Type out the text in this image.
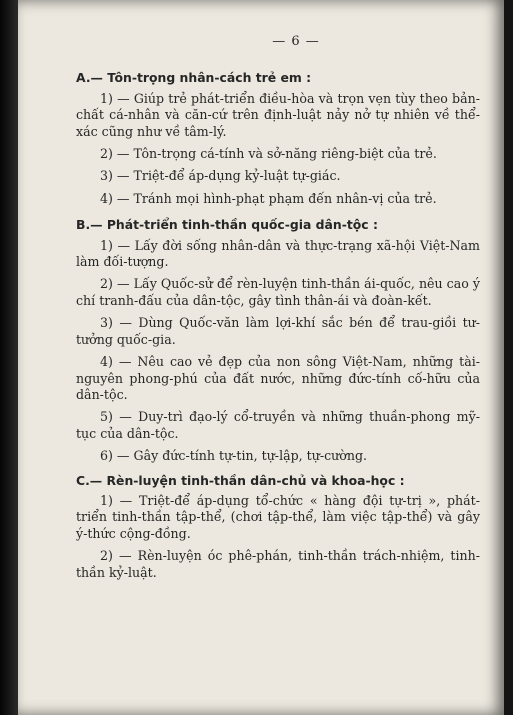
— 6 —
A.— Tôn-trọng nhân-cách trẻ em :

1) — Giúp trẻ phát-triển điều-hòa và trọn vẹn tùy theo bản-chất cá-nhân và căn-cứ trên định-luật nảy nở tự nhiên về thể-xác cũng như về tâm-lý.

2) — Tôn-trọng cá-tính và sở-năng riêng-biệt của trẻ.

3) — Triệt-để áp-dụng kỷ-luật tự-giác.

4) — Tránh mọi hình-phạt phạm đến nhân-vị của trẻ.

B.— Phát-triển tinh-thần quốc-gia dân-tộc :

1) — Lấy đời sống nhân-dân và thực-trạng xã-hội Việt-Nam làm đối-tượng.

2) — Lấy Quốc-sử để rèn-luyện tinh-thần ái-quốc, nêu cao ý chí tranh-đấu của dân-tộc, gây tình thân-ái và đoàn-kết.

3) — Dùng Quốc-văn làm lợi-khí sắc bén để trau-giồi tư-tưởng quốc-gia.

4) — Nêu cao vẻ đẹp của non sông Việt-Nam, những tài-nguyên phong-phú của đất nước, những đức-tính cố-hữu của dân-tộc.

5) — Duy-trì đạo-lý cổ-truyền và những thuần-phong mỹ-tục của dân-tộc.

6) — Gây đức-tính tự-tin, tự-lập, tự-cường.

C.— Rèn-luyện tinh-thần dân-chủ và khoa-học :

1) — Triệt-để áp-dụng tổ-chức « hàng đội tự-trị », phát-triển tinh-thần tập-thể, (chơi tập-thể, làm việc tập-thể) và gây ý-thức cộng-đồng.

2) — Rèn-luyện óc phê-phán, tinh-thần trách-nhiệm, tinh-thần kỷ-luật.
